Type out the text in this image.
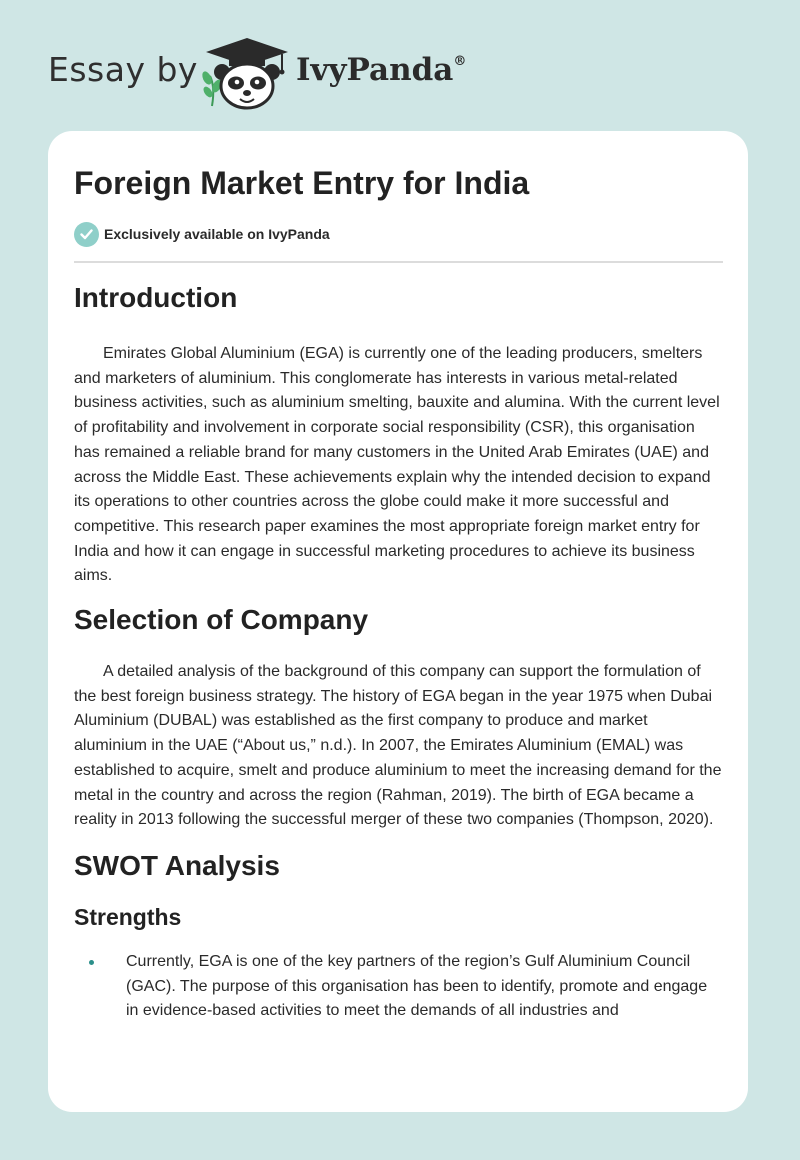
Essay by	IvyPanda®
Foreign Market Entry for India
Exclusively available on IvyPanda
Introduction

Emirates Global Aluminium (EGA) is currently one of the leading producers, smelters and marketers of aluminium. This conglomerate has interests in various metal-related business activities, such as aluminium smelting, bauxite and alumina. With the current level of profitability and involvement in corporate social responsibility (CSR), this organisation has remained a reliable brand for many customers in the United Arab Emirates (UAE) and across the Middle East. These achievements explain why the intended decision to expand its operations to other countries across the globe could make it more successful and competitive. This research paper examines the most appropriate foreign market entry for India and how it can engage in successful marketing procedures to achieve its business aims.

Selection of Company

A detailed analysis of the background of this company can support the formulation of the best foreign business strategy. The history of EGA began in the year 1975 when Dubai Aluminium (DUBAL) was established as the first company to produce and market aluminium in the UAE (“About us,” n.d.). In 2007, the Emirates Aluminium (EMAL) was established to acquire, smelt and produce aluminium to meet the increasing demand for the metal in the country and across the region (Rahman, 2019). The birth of EGA became a reality in 2013 following the successful merger of these two companies (Thompson, 2020).

SWOT Analysis
Strengths
Currently, EGA is one of the key partners of the region’s Gulf Aluminium Council (GAC). The purpose of this organisation has been to identify, promote and engage in evidence-based activities to meet the demands of all industries and
